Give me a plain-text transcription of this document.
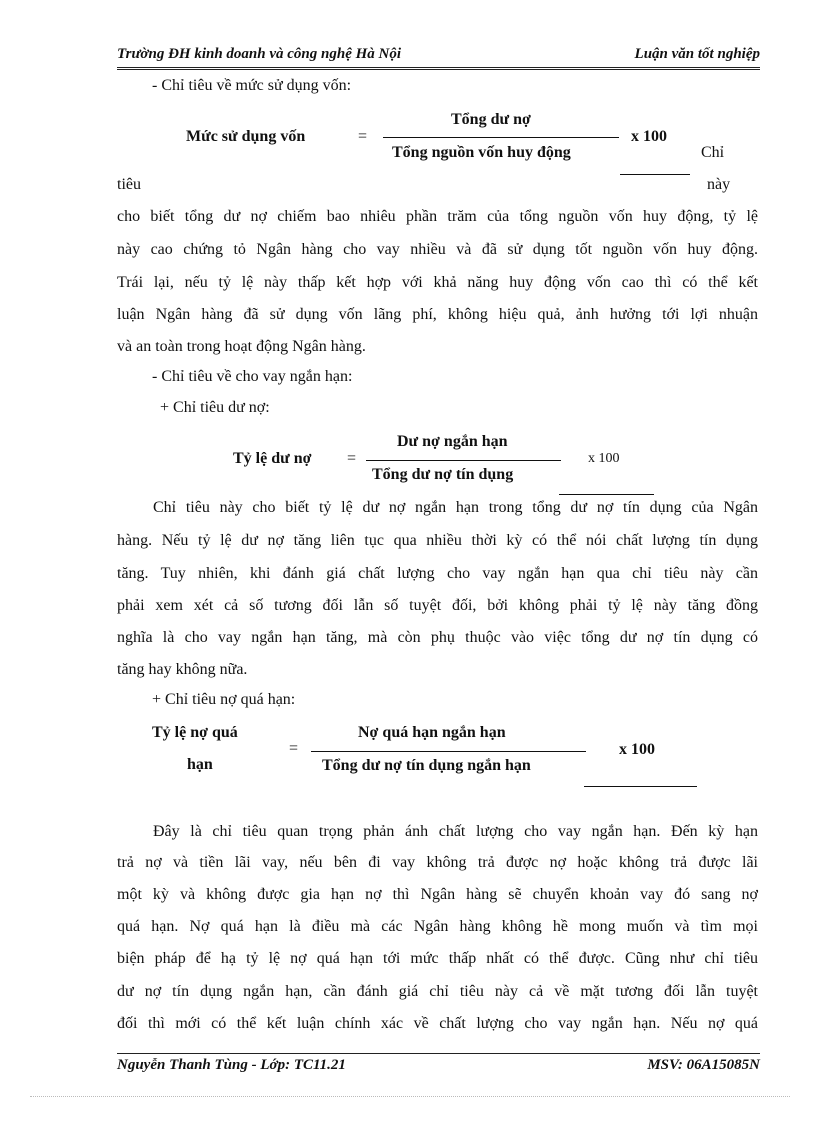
Trường ĐH kinh doanh và công nghệ Hà Nội	Luận văn tốt nghiệp
- Chỉ tiêu về mức sử dụng vốn:
Mức sử dụng vốn	=
Tổng dư nợ
Tổng nguồn vốn huy động
x 100
Chỉ
tiêu	này
cho biết tổng dư nợ chiếm bao nhiêu phần trăm của tổng nguồn vốn huy động, tỷ lệ
này cao chứng tỏ Ngân hàng cho vay nhiều và đã sử dụng tốt nguồn vốn huy động.
Trái lại, nếu tỷ lệ này thấp kết hợp với khả năng huy động vốn cao thì có thể kết
luận Ngân hàng đã sử dụng vốn lãng phí, không hiệu quả, ảnh hưởng tới lợi nhuận
và an toàn trong hoạt động Ngân hàng.
- Chỉ tiêu về cho vay ngắn hạn:
+ Chỉ tiêu dư nợ:
Tỷ lệ dư nợ =
Dư nợ ngắn hạn
Tổng dư nợ tín dụng
x 100
Chỉ tiêu này cho biết tỷ lệ dư nợ ngắn hạn trong tổng dư nợ tín dụng của Ngân
hàng. Nếu tỷ lệ dư nợ tăng liên tục qua nhiều thời kỳ có thể nói chất lượng tín dụng
tăng. Tuy nhiên, khi đánh giá chất lượng cho vay ngắn hạn qua chỉ tiêu này cần
phải xem xét cả số tương đối lẫn số tuyệt đối, bởi không phải tỷ lệ này tăng đồng
nghĩa là cho vay ngắn hạn tăng, mà còn phụ thuộc vào việc tổng dư nợ tín dụng có
tăng hay không nữa.
+ Chỉ tiêu nợ quá hạn:
Tỷ lệ nợ quá
hạn
=
Nợ quá hạn ngắn hạn
Tổng dư nợ tín dụng ngắn hạn
x 100
Đây là chỉ tiêu quan trọng phản ánh chất lượng cho vay ngắn hạn. Đến kỳ hạn
trả nợ và tiền lãi vay, nếu bên đi vay không trả được nợ hoặc không trả được lãi
một kỳ và không được gia hạn nợ thì Ngân hàng sẽ chuyển khoản vay đó sang nợ
quá hạn. Nợ quá hạn là điều mà các Ngân hàng không hề mong muốn và tìm mọi
biện pháp để hạ tỷ lệ nợ quá hạn tới mức thấp nhất có thể được. Cũng như chỉ tiêu
dư nợ tín dụng ngắn hạn, cần đánh giá chỉ tiêu này cả về mặt tương đối lẫn tuyệt
đối thì mới có thể kết luận chính xác về chất lượng cho vay ngắn hạn. Nếu nợ quá
Nguyễn Thanh Tùng - Lớp: TC11.21	MSV: 06A15085N
